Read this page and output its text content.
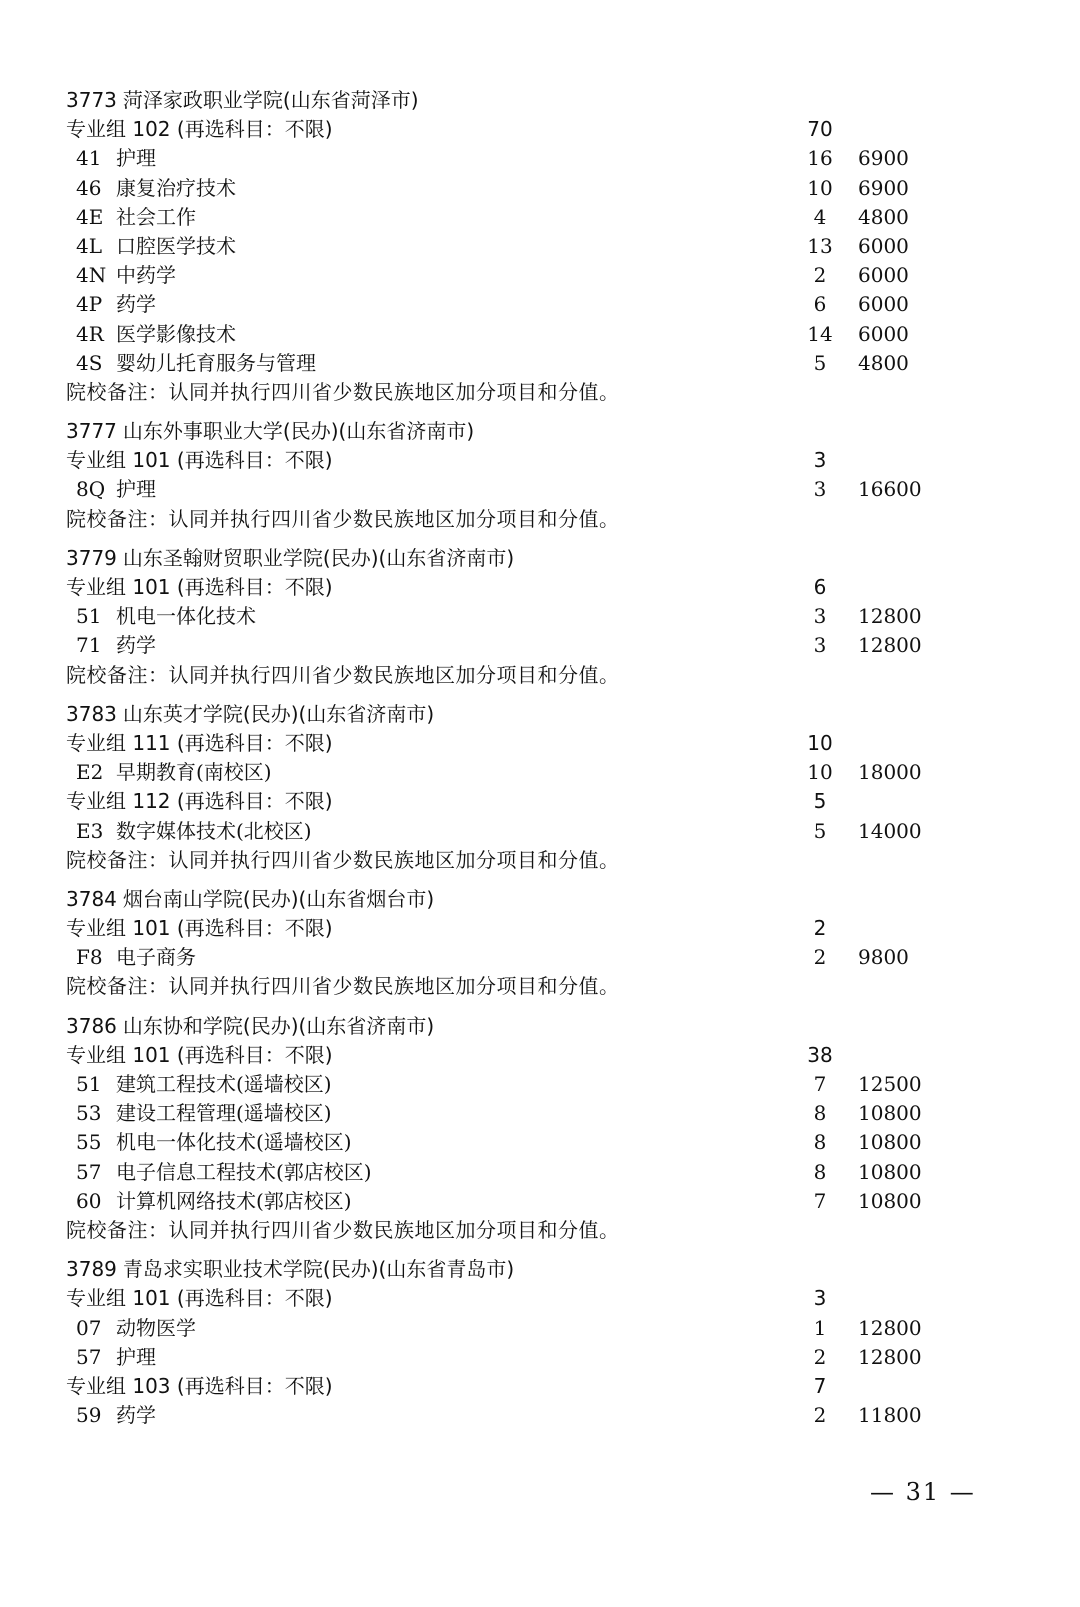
3773 菏泽家政职业学院(山东省菏泽市)
专业组 102 (再选科目：不限)	70
41 护理	16 6900
46 康复治疗技术	10 6900
4E 社会工作	4	4800
4L 口腔医学技术	13 6000
4N 中药学	2	6000
4P 药学	6	6000
4R 医学影像技术	14 6000
4S 婴幼儿托育服务与管理	5	4800
院校备注：认同并执行四川省少数民族地区加分项目和分值。
3777 山东外事职业大学(民办)(山东省济南市)
专业组 101 (再选科目：不限)	3
8Q 护理	3	16600
院校备注：认同并执行四川省少数民族地区加分项目和分值。
3779 山东圣翰财贸职业学院(民办)(山东省济南市)
专业组 101 (再选科目：不限)	6
51 机电一体化技术	3	12800
71 药学	3	12800
院校备注：认同并执行四川省少数民族地区加分项目和分值。
3783 山东英才学院(民办)(山东省济南市)
专业组 111 (再选科目：不限)	10
E2 早期教育(南校区)	10 18000
专业组 112 (再选科目：不限)	5
E3 数字媒体技术(北校区)	5	14000
院校备注：认同并执行四川省少数民族地区加分项目和分值。
3784 烟台南山学院(民办)(山东省烟台市)
专业组 101 (再选科目：不限)	2
F8 电子商务	2	9800
院校备注：认同并执行四川省少数民族地区加分项目和分值。
3786 山东协和学院(民办)(山东省济南市)
专业组 101 (再选科目：不限)	38
51 建筑工程技术(遥墙校区)	7	12500
53 建设工程管理(遥墙校区)	8	10800
55 机电一体化技术(遥墙校区)	8	10800
57 电子信息工程技术(郭店校区)	8	10800
60 计算机网络技术(郭店校区)	7	10800
院校备注：认同并执行四川省少数民族地区加分项目和分值。
3789 青岛求实职业技术学院(民办)(山东省青岛市)
专业组 101 (再选科目：不限)	3
07 动物医学	1	12800
57 护理	2	12800
专业组 103 (再选科目：不限)	7
59 药学	2	11800
— 31 —
